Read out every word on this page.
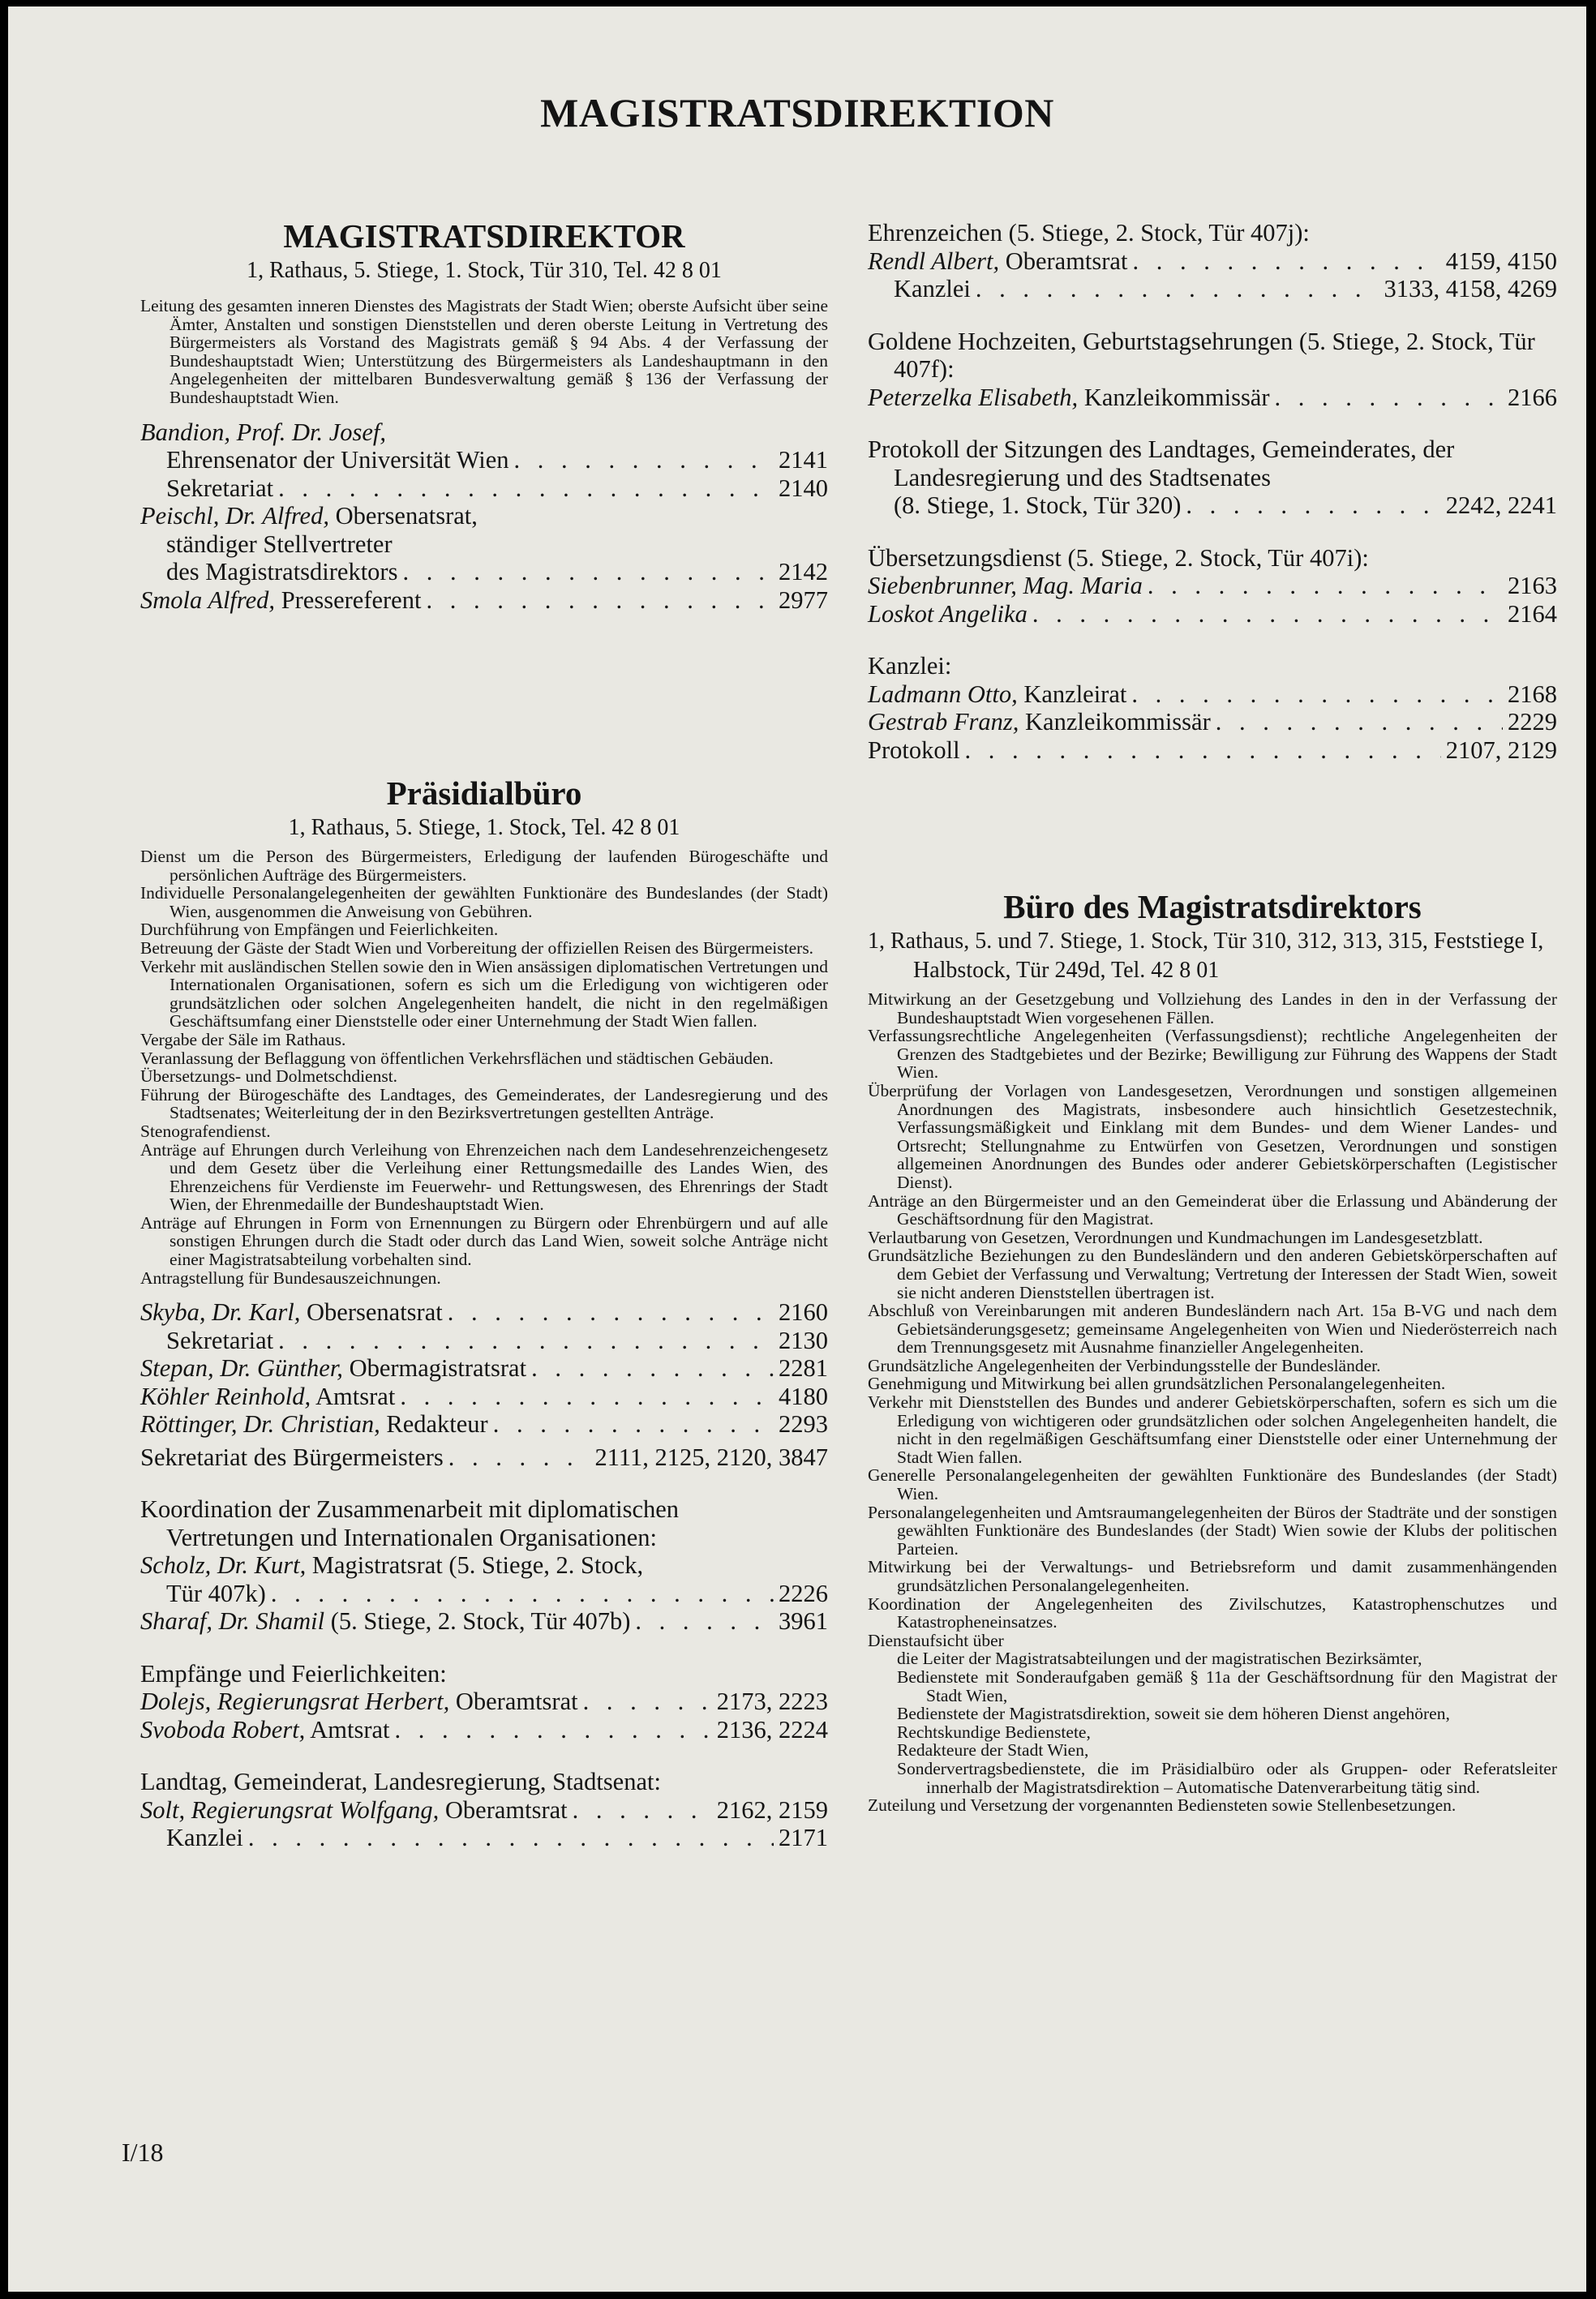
MAGISTRATSDIREKTION
MAGISTRATSDIREKTOR
1, Rathaus, 5. Stiege, 1. Stock, Tür 310, Tel. 42 8 01

Leitung des gesamten inneren Dienstes des Magistrats der Stadt Wien; oberste Aufsicht über seine Ämter, Anstalten und sonstigen Dienststellen und deren oberste Leitung in Vertretung des Bürgermeisters als Vorstand des Magistrats gemäß § 94 Abs. 4 der Verfassung der Bundeshauptstadt Wien; Unterstützung des Bürgermeisters als Landeshauptmann in den Angelegenheiten der mittelbaren Bundesverwaltung gemäß § 136 der Verfassung der Bundeshauptstadt Wien.

Bandion, Prof. Dr. Josef,
Ehrensenator der Universität Wien . . .	2141
Sekretariat . . .	2140
Peischl, Dr. Alfred, Obersenatsrat,
ständiger Stellvertreter
des Magistratsdirektors . . .	2142
Smola Alfred, Pressereferent . . .	2977
Präsidialbüro
1, Rathaus, 5. Stiege, 1. Stock, Tel. 42 8 01

Dienst um die Person des Bürgermeisters, Erledigung der laufenden Bürogeschäfte und persönlichen Aufträge des Bürgermeisters.

Individuelle Personalangelegenheiten der gewählten Funktionäre des Bundeslandes (der Stadt) Wien, ausgenommen die Anweisung von Gebühren.

Durchführung von Empfängen und Feierlichkeiten.

Betreuung der Gäste der Stadt Wien und Vorbereitung der offiziellen Reisen des Bürgermeisters.

Verkehr mit ausländischen Stellen sowie den in Wien ansässigen diplomatischen Vertretungen und Internationalen Organisationen, sofern es sich um die Erledigung von wichtigeren oder grundsätzlichen oder solchen Angelegenheiten handelt, die nicht in den regelmäßigen Geschäftsumfang einer Dienststelle oder einer Unternehmung der Stadt Wien fallen.

Vergabe der Säle im Rathaus.

Veranlassung der Beflaggung von öffentlichen Verkehrsflächen und städtischen Gebäuden.

Übersetzungs- und Dolmetschdienst.

Führung der Bürogeschäfte des Landtages, des Gemeinderates, der Landesregierung und des Stadtsenates; Weiterleitung der in den Bezirksvertretungen gestellten Anträge.

Stenografendienst.

Anträge auf Ehrungen durch Verleihung von Ehrenzeichen nach dem Landesehrenzeichengesetz und dem Gesetz über die Verleihung einer Rettungsmedaille des Landes Wien, des Ehrenzeichens für Verdienste im Feuerwehr- und Rettungswesen, des Ehrenrings der Stadt Wien, der Ehrenmedaille der Bundeshauptstadt Wien.

Anträge auf Ehrungen in Form von Ernennungen zu Bürgern oder Ehrenbürgern und auf alle sonstigen Ehrungen durch die Stadt oder durch das Land Wien, soweit solche Anträge nicht einer Magistratsabteilung vorbehalten sind.

Antragstellung für Bundesauszeichnungen.

Skyba, Dr. Karl, Obersenatsrat . . .	2160
Sekretariat . . .	2130
Stepan, Dr. Günther, Obermagistratsrat . . .	2281
Köhler Reinhold, Amtsrat . . .	4180
Röttinger, Dr. Christian, Redakteur . . .	2293
Sekretariat des Bürgermeisters . . .	2111, 2125, 2120, 3847
Koordination der Zusammenarbeit mit diplomatischen Vertretungen und Internationalen Organisationen:
Scholz, Dr. Kurt, Magistratsrat (5. Stiege, 2. Stock,
Tür 407k) . . .	2226
Sharaf, Dr. Shamil (5. Stiege, 2. Stock, Tür 407b) . . .	3961
Empfänge und Feierlichkeiten:
Dolejs, Regierungsrat Herbert, Oberamtsrat . . .	2173, 2223
Svoboda Robert, Amtsrat . . .	2136, 2224
Landtag, Gemeinderat, Landesregierung, Stadtsenat:
Solt, Regierungsrat Wolfgang, Oberamtsrat . . .	2162, 2159
Kanzlei . . .	2171
Ehrenzeichen (5. Stiege, 2. Stock, Tür 407j):
Rendl Albert, Oberamtsrat . . .	4159, 4150
Kanzlei . . .	3133, 4158, 4269
Goldene Hochzeiten, Geburtstagsehrungen (5. Stiege, 2. Stock, Tür 407f):
Peterzelka Elisabeth, Kanzleikommissär . . .	2166
Protokoll der Sitzungen des Landtages, Gemeinderates, der Landesregierung und des Stadtsenates
(8. Stiege, 1. Stock, Tür 320) . . .	2242, 2241
Übersetzungsdienst (5. Stiege, 2. Stock, Tür 407i):
Siebenbrunner, Mag. Maria . . .	2163
Loskot Angelika . . .	2164
Kanzlei:
Ladmann Otto, Kanzleirat . . .	2168
Gestrab Franz, Kanzleikommissär . . .	2229
Protokoll . . .	2107, 2129
Büro des Magistratsdirektors
1, Rathaus, 5. und 7. Stiege, 1. Stock, Tür 310, 312, 313, 315, Feststiege I, Halbstock, Tür 249d, Tel. 42 8 01

Mitwirkung an der Gesetzgebung und Vollziehung des Landes in den in der Verfassung der Bundeshauptstadt Wien vorgesehenen Fällen.

Verfassungsrechtliche Angelegenheiten (Verfassungsdienst); rechtliche Angelegenheiten der Grenzen des Stadtgebietes und der Bezirke; Bewilligung zur Führung des Wappens der Stadt Wien.

Überprüfung der Vorlagen von Landesgesetzen, Verordnungen und sonstigen allgemeinen Anordnungen des Magistrats, insbesondere auch hinsichtlich Gesetzestechnik, Verfassungsmäßigkeit und Einklang mit dem Bundes- und dem Wiener Landes- und Ortsrecht; Stellungnahme zu Entwürfen von Gesetzen, Verordnungen und sonstigen allgemeinen Anordnungen des Bundes oder anderer Gebietskörperschaften (Legistischer Dienst).

Anträge an den Bürgermeister und an den Gemeinderat über die Erlassung und Abänderung der Geschäftsordnung für den Magistrat.

Verlautbarung von Gesetzen, Verordnungen und Kundmachungen im Landesgesetzblatt.

Grundsätzliche Beziehungen zu den Bundesländern und den anderen Gebietskörperschaften auf dem Gebiet der Verfassung und Verwaltung; Vertretung der Interessen der Stadt Wien, soweit sie nicht anderen Dienststellen übertragen ist.

Abschluß von Vereinbarungen mit anderen Bundesländern nach Art. 15a B-VG und nach dem Gebietsänderungsgesetz; gemeinsame Angelegenheiten von Wien und Niederösterreich nach dem Trennungsgesetz mit Ausnahme finanzieller Angelegenheiten.

Grundsätzliche Angelegenheiten der Verbindungsstelle der Bundesländer.

Genehmigung und Mitwirkung bei allen grundsätzlichen Personalangelegenheiten.

Verkehr mit Dienststellen des Bundes und anderer Gebietskörperschaften, sofern es sich um die Erledigung von wichtigeren oder grundsätzlichen oder solchen Angelegenheiten handelt, die nicht in den regelmäßigen Geschäftsumfang einer Dienststelle oder einer Unternehmung der Stadt Wien fallen.

Generelle Personalangelegenheiten der gewählten Funktionäre des Bundeslandes (der Stadt) Wien.

Personalangelegenheiten und Amtsraumangelegenheiten der Büros der Stadträte und der sonstigen gewählten Funktionäre des Bundeslandes (der Stadt) Wien sowie der Klubs der politischen Parteien.

Mitwirkung bei der Verwaltungs- und Betriebsreform und damit zusammenhängenden grundsätzlichen Personalangelegenheiten.

Koordination der Angelegenheiten des Zivilschutzes, Katastrophenschutzes und Katastropheneinsatzes.

Dienstaufsicht über

die Leiter der Magistratsabteilungen und der magistratischen Bezirksämter,

Bedienstete mit Sonderaufgaben gemäß § 11a der Geschäftsordnung für den Magistrat der Stadt Wien,

Bedienstete der Magistratsdirektion, soweit sie dem höheren Dienst angehören,

Rechtskundige Bedienstete,

Redakteure der Stadt Wien,

Sondervertragsbedienstete, die im Präsidialbüro oder als Gruppen- oder Referatsleiter innerhalb der Magistratsdirektion – Automatische Datenverarbeitung tätig sind.

Zuteilung und Versetzung der vorgenannten Bediensteten sowie Stellenbesetzungen.

I/18
